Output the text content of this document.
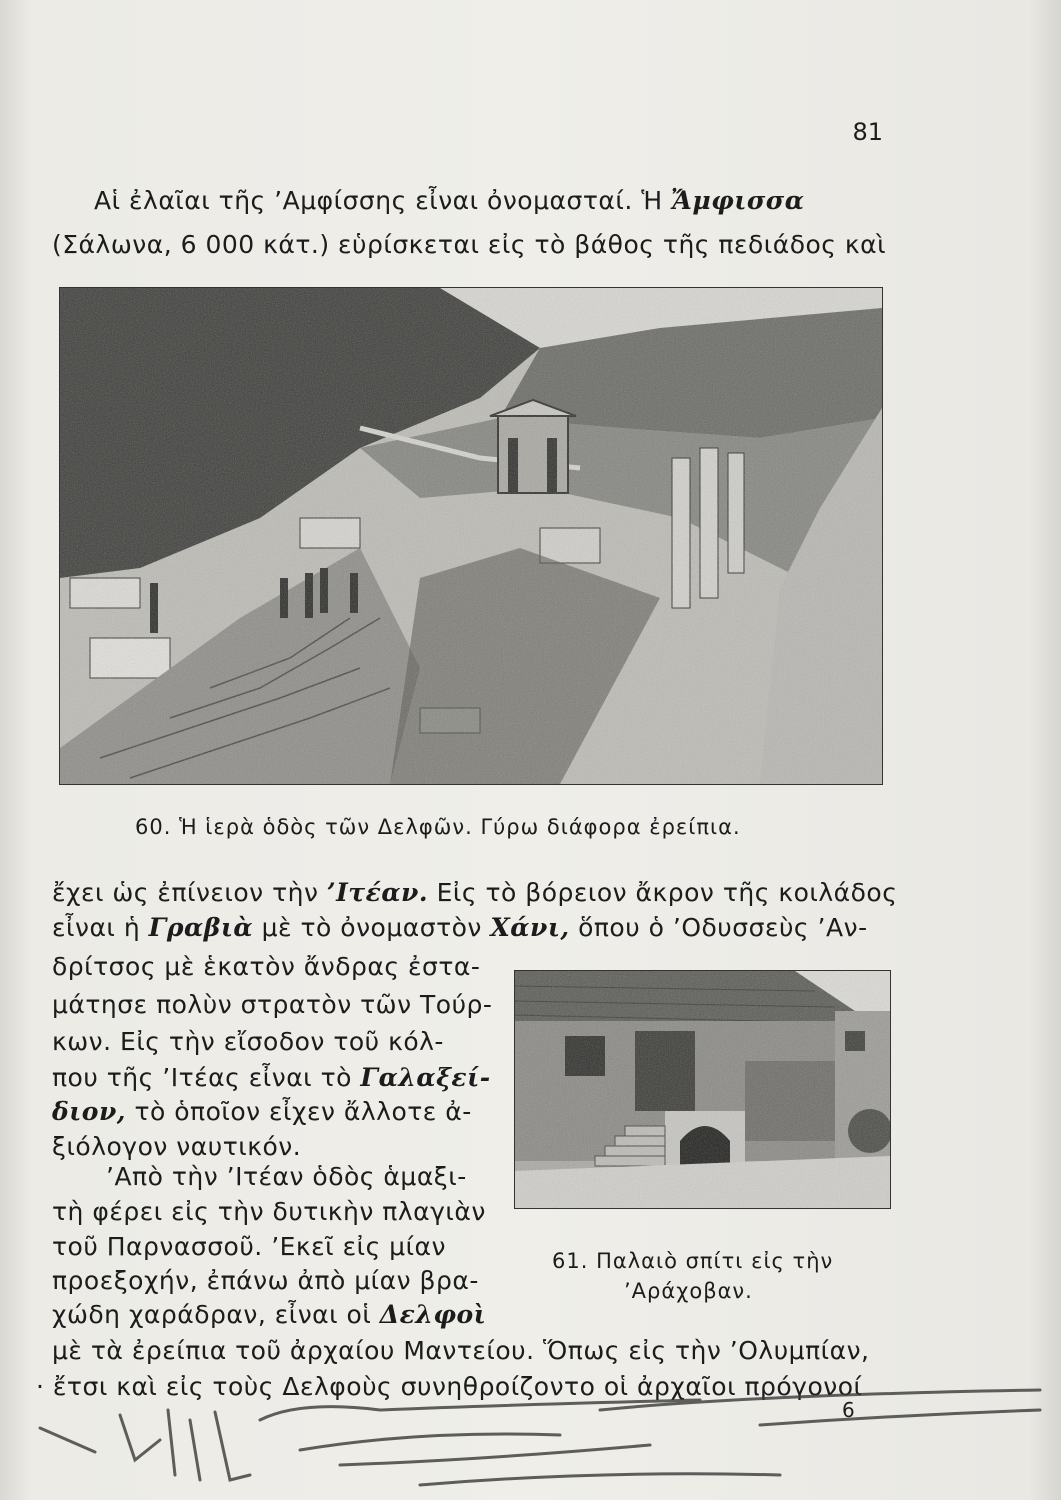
81
Αἱ ἐλαῖαι τῆς ’Αμφίσσης εἶναι ὀνομασταί. Ἡ Ἄμφισσα
(Σάλωνα, 6 000 κάτ.) εὑρίσκεται εἰς τὸ βάθος τῆς πεδιάδος καὶ
60. Ἡ ἱερὰ ὁδὸς τῶν Δελφῶν. Γύρω διάφορα ἐρείπια.
ἔχει ὡς ἐπίνειον τὴν ’Ιτέαν. Εἰς τὸ βόρειον ἄκρον τῆς κοιλάδος
εἶναι ἡ Γραβιὰ μὲ τὸ ὀνομαστὸν Χάνι, ὅπου ὁ ’Οδυσσεὺς ’Αν-
δρίτσος μὲ ἑκατὸν ἄνδρας ἐστα-
μάτησε πολὺν στρατὸν τῶν Τούρ-
κων. Εἰς τὴν εἴσοδον τοῦ κόλ-
που τῆς ’Ιτέας εἶναι τὸ Γαλαξεί-
διον, τὸ ὁποῖον εἶχεν ἄλλοτε ἀ-
ξιόλογον ναυτικόν.
’Απὸ τὴν ’Ιτέαν ὁδὸς ἁμαξι-
τὴ φέρει εἰς τὴν δυτικὴν πλαγιὰν
τοῦ Παρνασσοῦ. ’Εκεῖ εἰς μίαν
προεξοχήν, ἐπάνω ἀπὸ μίαν βρα-
χώδη χαράδραν, εἶναι οἱ Δελφοὶ
μὲ τὰ ἐρείπια τοῦ ἀρχαίου Μαντείου. Ὅπως εἰς τὴν ’Ολυμπίαν,
· ἔτσι καὶ εἰς τοὺς Δελφοὺς συνηθροίζοντο οἱ ἀρχαῖοι πρόγονοί
61. Παλαιὸ σπίτι εἰς τὴν
’Αράχοβαν.
6
